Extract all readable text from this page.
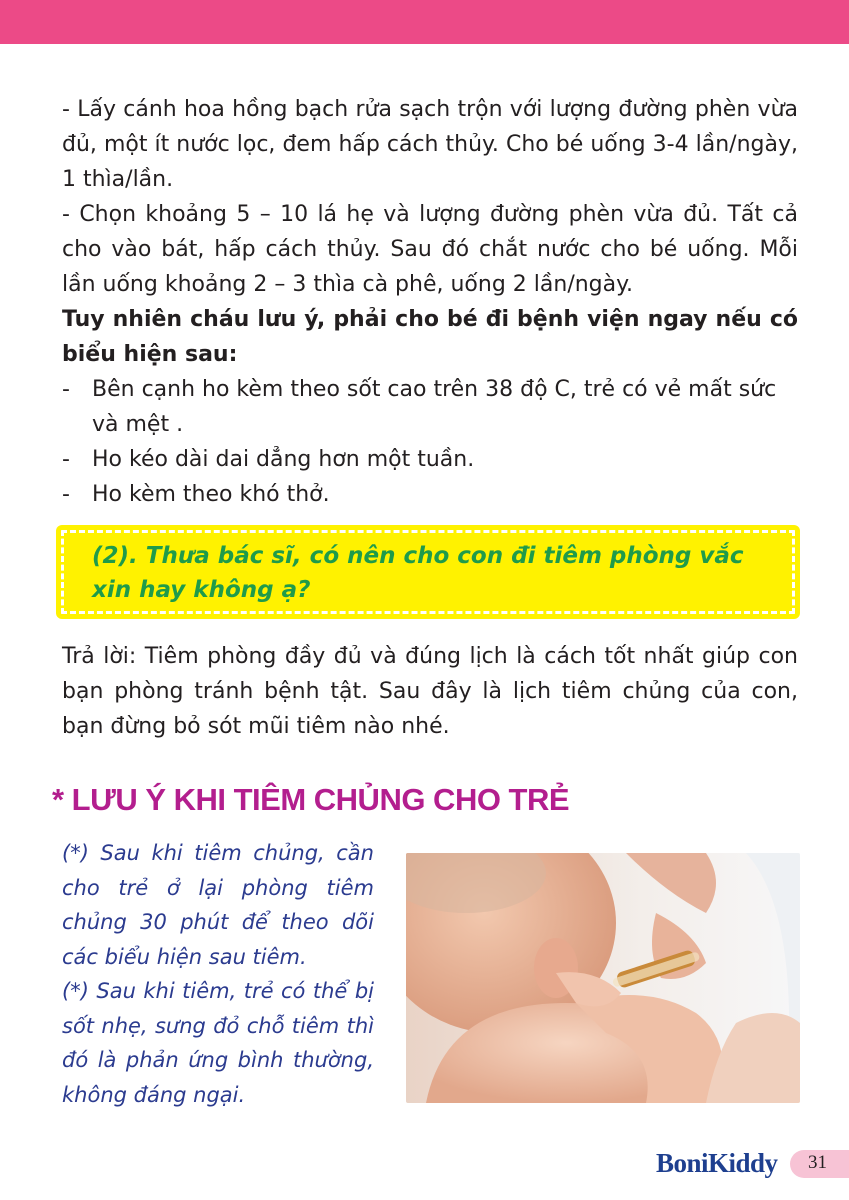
- Lấy cánh hoa hồng bạch rửa sạch trộn với lượng đường phèn vừa đủ, một ít nước lọc, đem hấp cách thủy. Cho bé uống 3-4 lần/ngày, 1 thìa/lần.

- Chọn khoảng 5 – 10 lá hẹ và lượng đường phèn vừa đủ. Tất cả cho vào bát, hấp cách thủy. Sau đó chắt nước cho bé uống. Mỗi lần uống khoảng 2 – 3 thìa cà phê, uống 2 lần/ngày.

Tuy nhiên cháu lưu ý, phải cho bé đi bệnh viện ngay nếu có biểu hiện sau:

-	Bên cạnh ho kèm theo sốt cao trên 38 độ C, trẻ có vẻ mất sức và mệt .
-	Ho kéo dài dai dẳng hơn một tuần.
-	Ho kèm theo khó thở.

(2). Thưa bác sĩ, có nên cho con đi tiêm phòng vắc xin hay không ạ?

Trả lời: Tiêm phòng đầy đủ và đúng lịch là cách tốt nhất giúp con bạn phòng tránh bệnh tật. Sau đây là lịch tiêm chủng của con, bạn đừng bỏ sót mũi tiêm nào nhé.

* LƯU Ý KHI TIÊM CHỦNG CHO TRẺ

(*) Sau khi tiêm chủng, cần cho trẻ ở lại phòng tiêm chủng 30 phút để theo dõi các biểu hiện sau tiêm.

(*) Sau khi tiêm, trẻ có thể bị sốt nhẹ, sưng đỏ chỗ tiêm thì đó là phản ứng bình thường, không đáng ngại.

BoniKiddy 31
